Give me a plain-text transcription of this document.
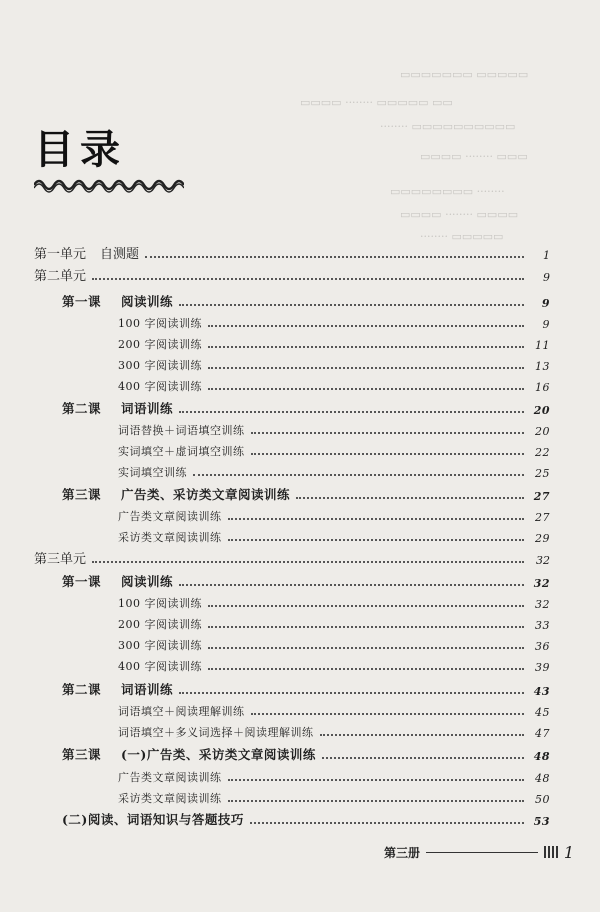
▭▭▭▭▭▭▭ ▭▭▭▭▭
▭▭▭▭ ········ ▭▭▭▭▭ ▭▭
········ ▭▭▭▭▭▭▭▭▭▭
▭▭▭▭ ········ ▭▭▭
▭▭▭▭▭▭▭▭ ········
▭▭▭▭ ········ ▭▭▭▭
········ ▭▭▭▭▭
目录
第一单元 自测题	1
第二单元	9
第一课 阅读训练	9
100 字阅读训练	9
200 字阅读训练	11
300 字阅读训练	13
400 字阅读训练	16
第二课 词语训练	20
词语替换＋词语填空训练	20
实词填空＋虚词填空训练	22
实词填空训练	25
第三课 广告类、采访类文章阅读训练	27
广告类文章阅读训练	27
采访类文章阅读训练	29
第三单元	32
第一课 阅读训练	32
100 字阅读训练	32
200 字阅读训练	33
300 字阅读训练	36
400 字阅读训练	39
第二课 词语训练	43
词语填空＋阅读理解训练	45
词语填空＋多义词选择＋阅读理解训练	47
第三课 (一)广告类、采访类文章阅读训练	48
广告类文章阅读训练	48
采访类文章阅读训练	50
(二)阅读、词语知识与答题技巧	53
第三册	1
